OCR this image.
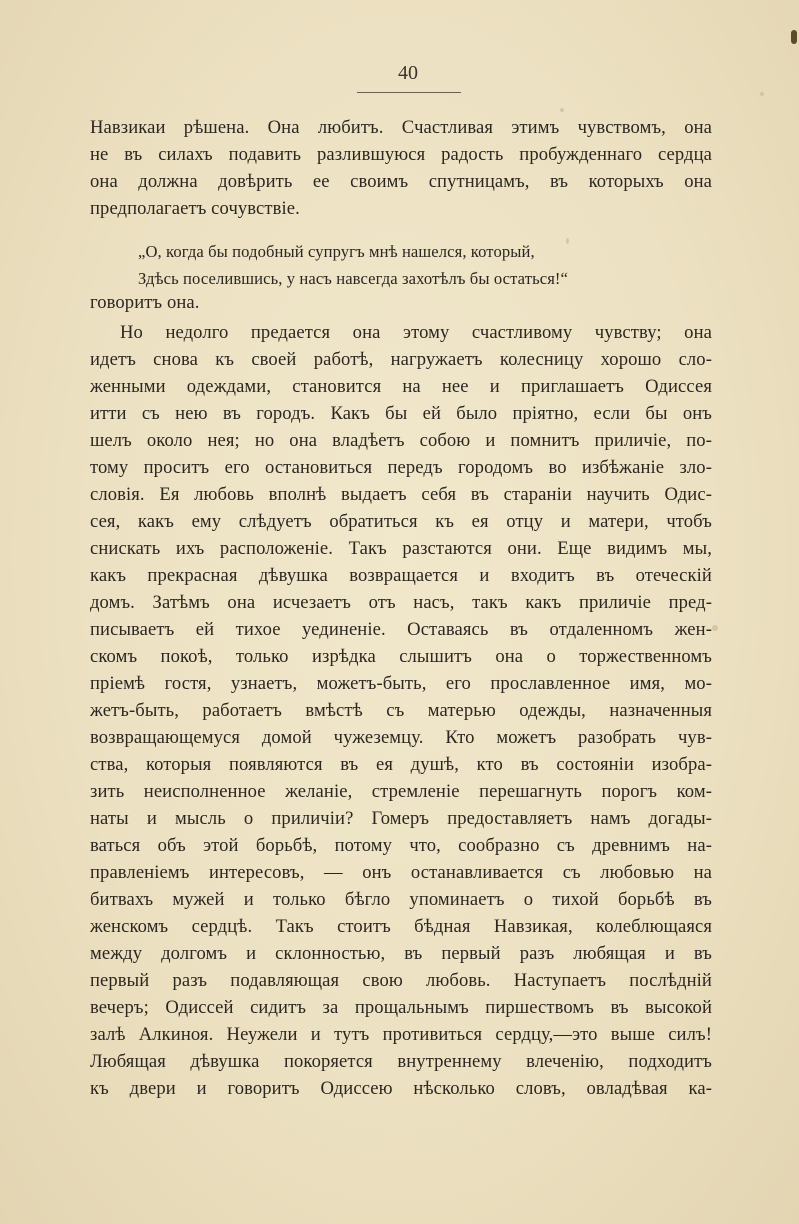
40
Навзикаи рѣшена. Она любитъ. Счастливая этимъ чувствомъ, она
не въ силахъ подавить разлившуюся радость пробужденнаго сердца
она должна довѣрить ее своимъ спутницамъ, въ которыхъ она
предполагаетъ сочувствіе.
„О, когда бы подобный супругъ мнѣ нашелся, который,
Здѣсь поселившись, у насъ навсегда захотѣлъ бы остаться!“
говоритъ она.
Но недолго предается она этому счастливому чувству; она
идетъ снова къ своей работѣ, нагружаетъ колесницу хорошо сло-
женными одеждами, становится на нее и приглашаетъ Одиссея
итти съ нею въ городъ. Какъ бы ей было пріятно, если бы онъ
шелъ около нея; но она владѣетъ собою и помнитъ приличіе, по-
тому проситъ его остановиться передъ городомъ во избѣжаніе зло-
словія. Ея любовь вполнѣ выдаетъ себя въ стараніи научить Одис-
сея, какъ ему слѣдуетъ обратиться къ ея отцу и матери, чтобъ
снискать ихъ расположеніе. Такъ разстаются они. Еще видимъ мы,
какъ прекрасная дѣвушка возвращается и входитъ въ отеческій
домъ. Затѣмъ она исчезаетъ отъ насъ, такъ какъ приличіе пред-
писываетъ ей тихое уединеніе. Оставаясь въ отдаленномъ жен-
скомъ покоѣ, только изрѣдка слышитъ она о торжественномъ
пріемѣ гостя, узнаетъ, можетъ-быть, его прославленное имя, мо-
жетъ-быть, работаетъ вмѣстѣ съ матерью одежды, назначенныя
возвращающемуся домой чужеземцу. Кто можетъ разобрать чув-
ства, которыя появляются въ ея душѣ, кто въ состояніи изобра-
зить неисполненное желаніе, стремленіе перешагнуть порогъ ком-
наты и мысль о приличіи? Гомеръ предоставляетъ намъ догады-
ваться объ этой борьбѣ, потому что, сообразно съ древнимъ на-
правленіемъ интересовъ, — онъ останавливается съ любовью на
битвахъ мужей и только бѣгло упоминаетъ о тихой борьбѣ въ
женскомъ сердцѣ. Такъ стоитъ бѣдная Навзикая, колеблющаяся
между долгомъ и склонностью, въ первый разъ любящая и въ
первый разъ подавляющая свою любовь. Наступаетъ послѣдній
вечеръ; Одиссей сидитъ за прощальнымъ пиршествомъ въ высокой
залѣ Алкиноя. Неужели и тутъ противиться сердцу,—это выше силъ!
Любящая дѣвушка покоряется внутреннему влеченію, подходитъ
къ двери и говоритъ Одиссею нѣсколько словъ, овладѣвая ка-
